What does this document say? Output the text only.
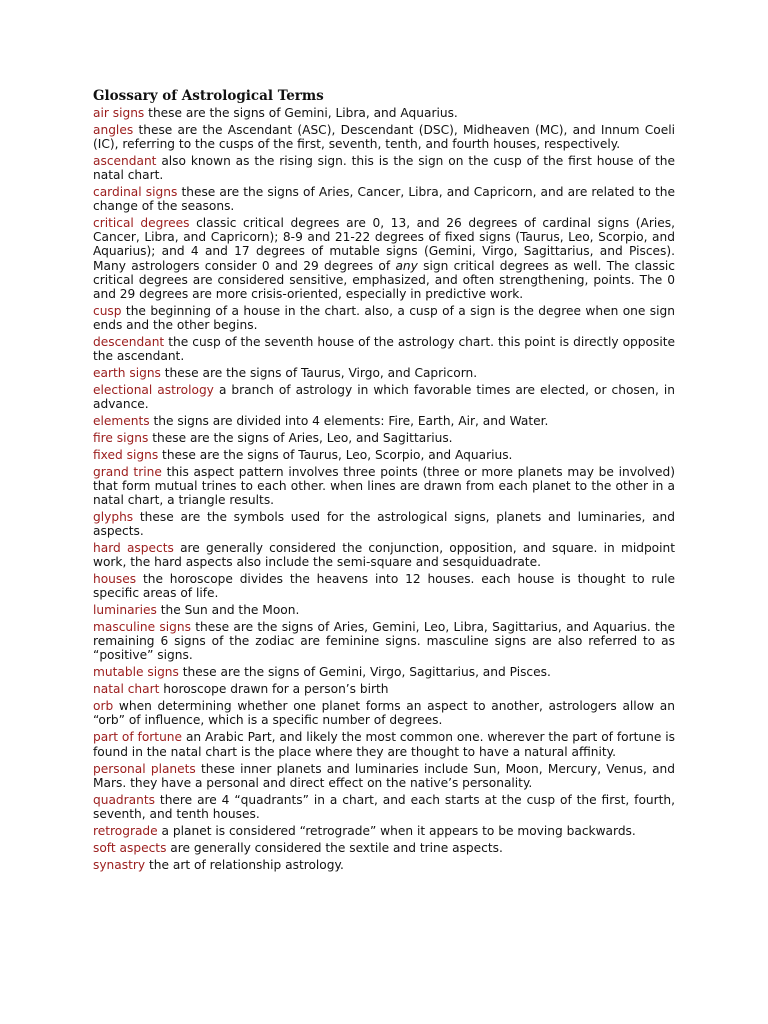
Glossary of Astrological Terms
air signs these are the signs of Gemini, Libra, and Aquarius.
angles these are the Ascendant (ASC), Descendant (DSC), Midheaven (MC), and Innum Coeli (IC), referring to the cusps of the first, seventh, tenth, and fourth houses, respectively.
ascendant also known as the rising sign. this is the sign on the cusp of the first house of the natal chart.
cardinal signs these are the signs of Aries, Cancer, Libra, and Capricorn, and are related to the change of the seasons.
critical degrees classic critical degrees are 0, 13, and 26 degrees of cardinal signs (Aries, Cancer, Libra, and Capricorn); 8-9 and 21-22 degrees of fixed signs (Taurus, Leo, Scorpio, and Aquarius); and 4 and 17 degrees of mutable signs (Gemini, Virgo, Sagittarius, and Pisces). Many astrologers consider 0 and 29 degrees of any sign critical degrees as well. The classic critical degrees are considered sensitive, emphasized, and often strengthening, points. The 0 and 29 degrees are more crisis-oriented, especially in predictive work.
cusp the beginning of a house in the chart. also, a cusp of a sign is the degree when one sign ends and the other begins.
descendant the cusp of the seventh house of the astrology chart. this point is directly opposite the ascendant.
earth signs these are the signs of Taurus, Virgo, and Capricorn.
electional astrology a branch of astrology in which favorable times are elected, or chosen, in advance.
elements the signs are divided into 4 elements: Fire, Earth, Air, and Water.
fire signs these are the signs of Aries, Leo, and Sagittarius.
fixed signs these are the signs of Taurus, Leo, Scorpio, and Aquarius.
grand trine this aspect pattern involves three points (three or more planets may be involved) that form mutual trines to each other. when lines are drawn from each planet to the other in a natal chart, a triangle results.
glyphs these are the symbols used for the astrological signs, planets and luminaries, and aspects.
hard aspects are generally considered the conjunction, opposition, and square. in midpoint work, the hard aspects also include the semi-square and sesquiduadrate.
houses the horoscope divides the heavens into 12 houses. each house is thought to rule specific areas of life.
luminaries the Sun and the Moon.
masculine signs these are the signs of Aries, Gemini, Leo, Libra, Sagittarius, and Aquarius. the remaining 6 signs of the zodiac are feminine signs. masculine signs are also referred to as “positive” signs.
mutable signs these are the signs of Gemini, Virgo, Sagittarius, and Pisces.
natal chart horoscope drawn for a person’s birth
orb when determining whether one planet forms an aspect to another, astrologers allow an “orb” of influence, which is a specific number of degrees.
part of fortune an Arabic Part, and likely the most common one. wherever the part of fortune is found in the natal chart is the place where they are thought to have a natural affinity.
personal planets these inner planets and luminaries include Sun, Moon, Mercury, Venus, and Mars. they have a personal and direct effect on the native’s personality.
quadrants there are 4 “quadrants” in a chart, and each starts at the cusp of the first, fourth, seventh, and tenth houses.
retrograde a planet is considered “retrograde” when it appears to be moving backwards.
soft aspects are generally considered the sextile and trine aspects.
synastry the art of relationship astrology.
